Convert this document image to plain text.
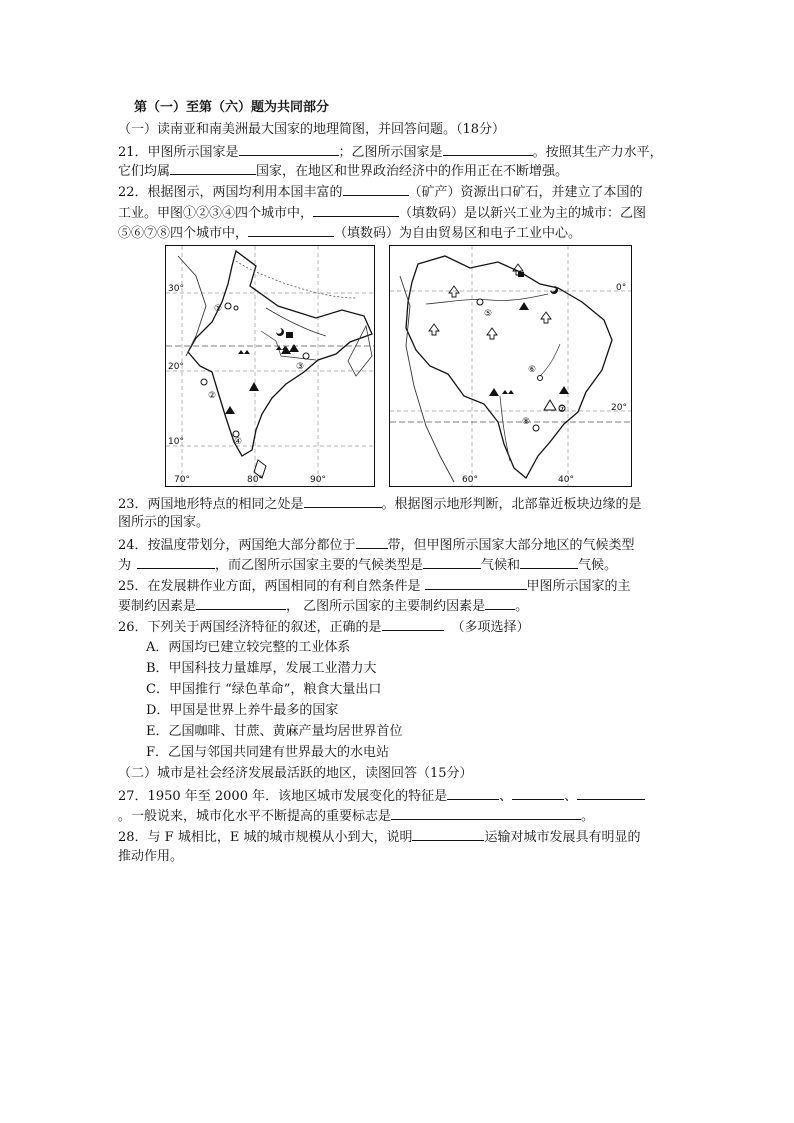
第（一）至第（六）题为共同部分
（一）读南亚和南美洲最大国家的地理简图，并回答问题。（18分）
21．甲图所示国家是	；乙图所示国家是	。按照其生产力水平，
它们均属	国家，在地区和世界政治经济中的作用正在不断增强。
22．根据图示，两国均利用本国丰富的	（矿产）资源出口矿石，并建立了本国的
工业。甲图①②③④四个城市中，	（填数码）是以新兴工业为主的城市：乙图
⑤⑥⑦⑧四个城市中，	（填数码）为自由贸易区和电子工业中心。
①
②
③
④
30°
20°
10°
70°	80°	90°
⑤
⑥
⑦
⑧
0°
20°
60°	40°
23．两国地形特点的相同之处是	。根据图示地形判断，北部靠近板块边缘的是
图所示的国家。
24．按温度带划分，两国绝大部分都位于 带，但甲图所示国家大部分地区的气候类型
为	，而乙图所示国家主要的气候类型是	气候和	气候。
25．在发展耕作业方面，两国相同的有利自然条件是	甲图所示国家的主
要制约因素是	， 乙图所示国家的主要制约因素是 。
26．下列关于两国经济特征的叙述，正确的是	（多项选择）
A．两国均已建立较完整的工业体系
B．甲国科技力量雄厚，发展工业潜力大
C．甲国推行 “绿色革命”，粮食大量出口
D．甲国是世界上养牛最多的国家
E．乙国咖啡、甘蔗、黄麻产量均居世界首位
F．乙国与邻国共同建有世界最大的水电站
（二）城市是社会经济发展最活跃的地区，读图回答（15分）
27．1950 年至 2000 年．该地区城市发展变化的特征是	、	、
。一般说来，城市化水平不断提高的重要标志是	。
28．与 F 城相比，E 城的城市规模从小到大，说明	运输对城市发展具有明显的
推动作用。
